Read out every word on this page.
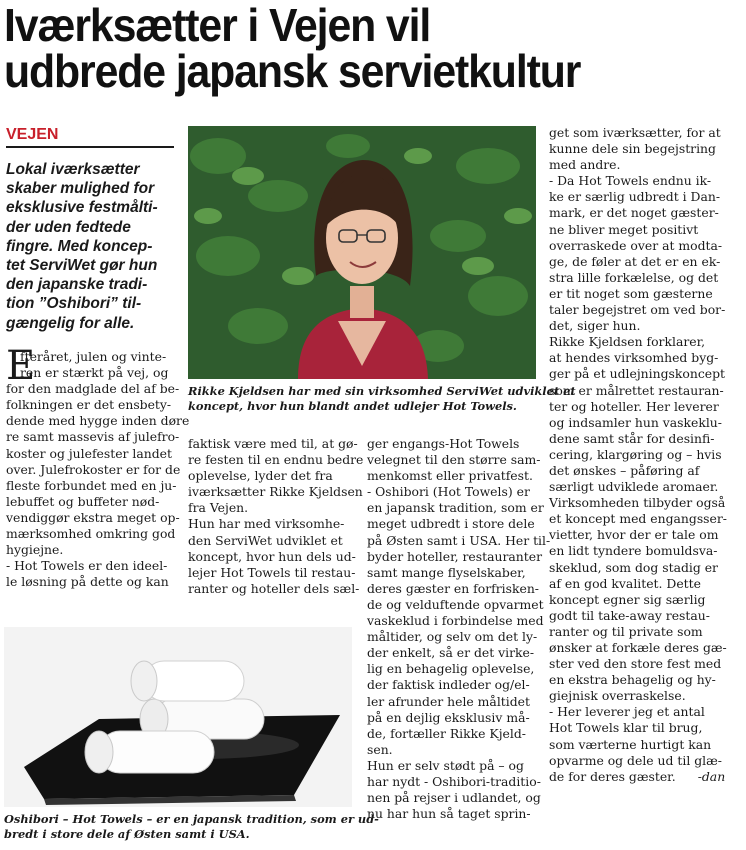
Iværksætter i Vejen vil
udbrede japansk servietkultur
VEJEN
Lokal iværksætter
skaber mulighed for
eksklusive festmålti-
der uden fedtede
fingre. Med koncep-
tet ServiWet gør hun
den japanske tradi-
tion ”Oshibori” til-
gængelig for alle.
E
fteråret, julen og vinte-
ren er stærkt på vej, og
for den madglade del af be-
folkningen er det ensbety-
dende med hygge inden døre
re samt massevis af julefro-
koster og julefester landet
over. Julefrokoster er for de
fleste forbundet med en ju-
lebuffet og buffeter nød-
vendiggør ekstra meget op-
mærksomhed omkring god
hygiejne.
- Hot Towels er den ideel-
le løsning på dette og kan
Rikke Kjeldsen har med sin virksomhed ServiWet udviklet et
koncept, hvor hun blandt andet udlejer Hot Towels.
faktisk være med til, at gø-
re festen til en endnu bedre
oplevelse, lyder det fra
iværksætter Rikke Kjeldsen
fra Vejen.
Hun har med virksomhe-
den ServiWet udviklet et
koncept, hvor hun dels ud-
lejer Hot Towels til restau-
ranter og hoteller dels sæl-
ger engangs-Hot Towels
velegnet til den større sam-
menkomst eller privatfest.
- Oshibori (Hot Towels) er
en japansk tradition, som er
meget udbredt i store dele
på Østen samt i USA. Her til-
byder hoteller, restauranter
samt mange flyselskaber,
deres gæster en forfrisken-
de og velduftende opvarmet
vaskeklud i forbindelse med
måltider, og selv om det ly-
der enkelt, så er det virke-
lig en behagelig oplevelse,
der faktisk indleder og/el-
ler afrunder hele måltidet
på en dejlig eksklusiv må-
de, fortæller Rikke Kjeld-
sen.
Hun er selv stødt på – og
har nydt - Oshibori-traditio-
nen på rejser i udlandet, og
nu har hun så taget sprin-
get som iværksætter, for at
kunne dele sin begejstring
med andre.
- Da Hot Towels endnu ik-
ke er særlig udbredt i Dan-
mark, er det noget gæster-
ne bliver meget positivt
overraskede over at modta-
ge, de føler at det er en ek-
stra lille forkælelse, og det
er tit noget som gæsterne
taler begejstret om ved bor-
det, siger hun.
Rikke Kjeldsen forklarer,
at hendes virksomhed byg-
ger på et udlejningskoncept
som er målrettet restauran-
ter og hoteller. Her leverer
og indsamler hun vaskeklu-
dene samt står for desinfi-
cering, klargøring og – hvis
det ønskes – påføring af
særligt udviklede aromaer.
Virksomheden tilbyder også
et koncept med engangsser-
vietter, hvor der er tale om
en lidt tyndere bomuldsva-
skeklud, som dog stadig er
af en god kvalitet. Dette
koncept egner sig særlig
godt til take-away restau-
ranter og til private som
ønsker at forkæle deres gæ-
ster ved den store fest med
en ekstra behagelig og hy-
giejnisk overraskelse.
- Her leverer jeg et antal
Hot Towels klar til brug,
som værterne hurtigt kan
opvarme og dele ud til glæ-
de for deres gæster. -dan
Oshibori – Hot Towels – er en japansk tradition, som er ud-
bredt i store dele af Østen samt i USA.
